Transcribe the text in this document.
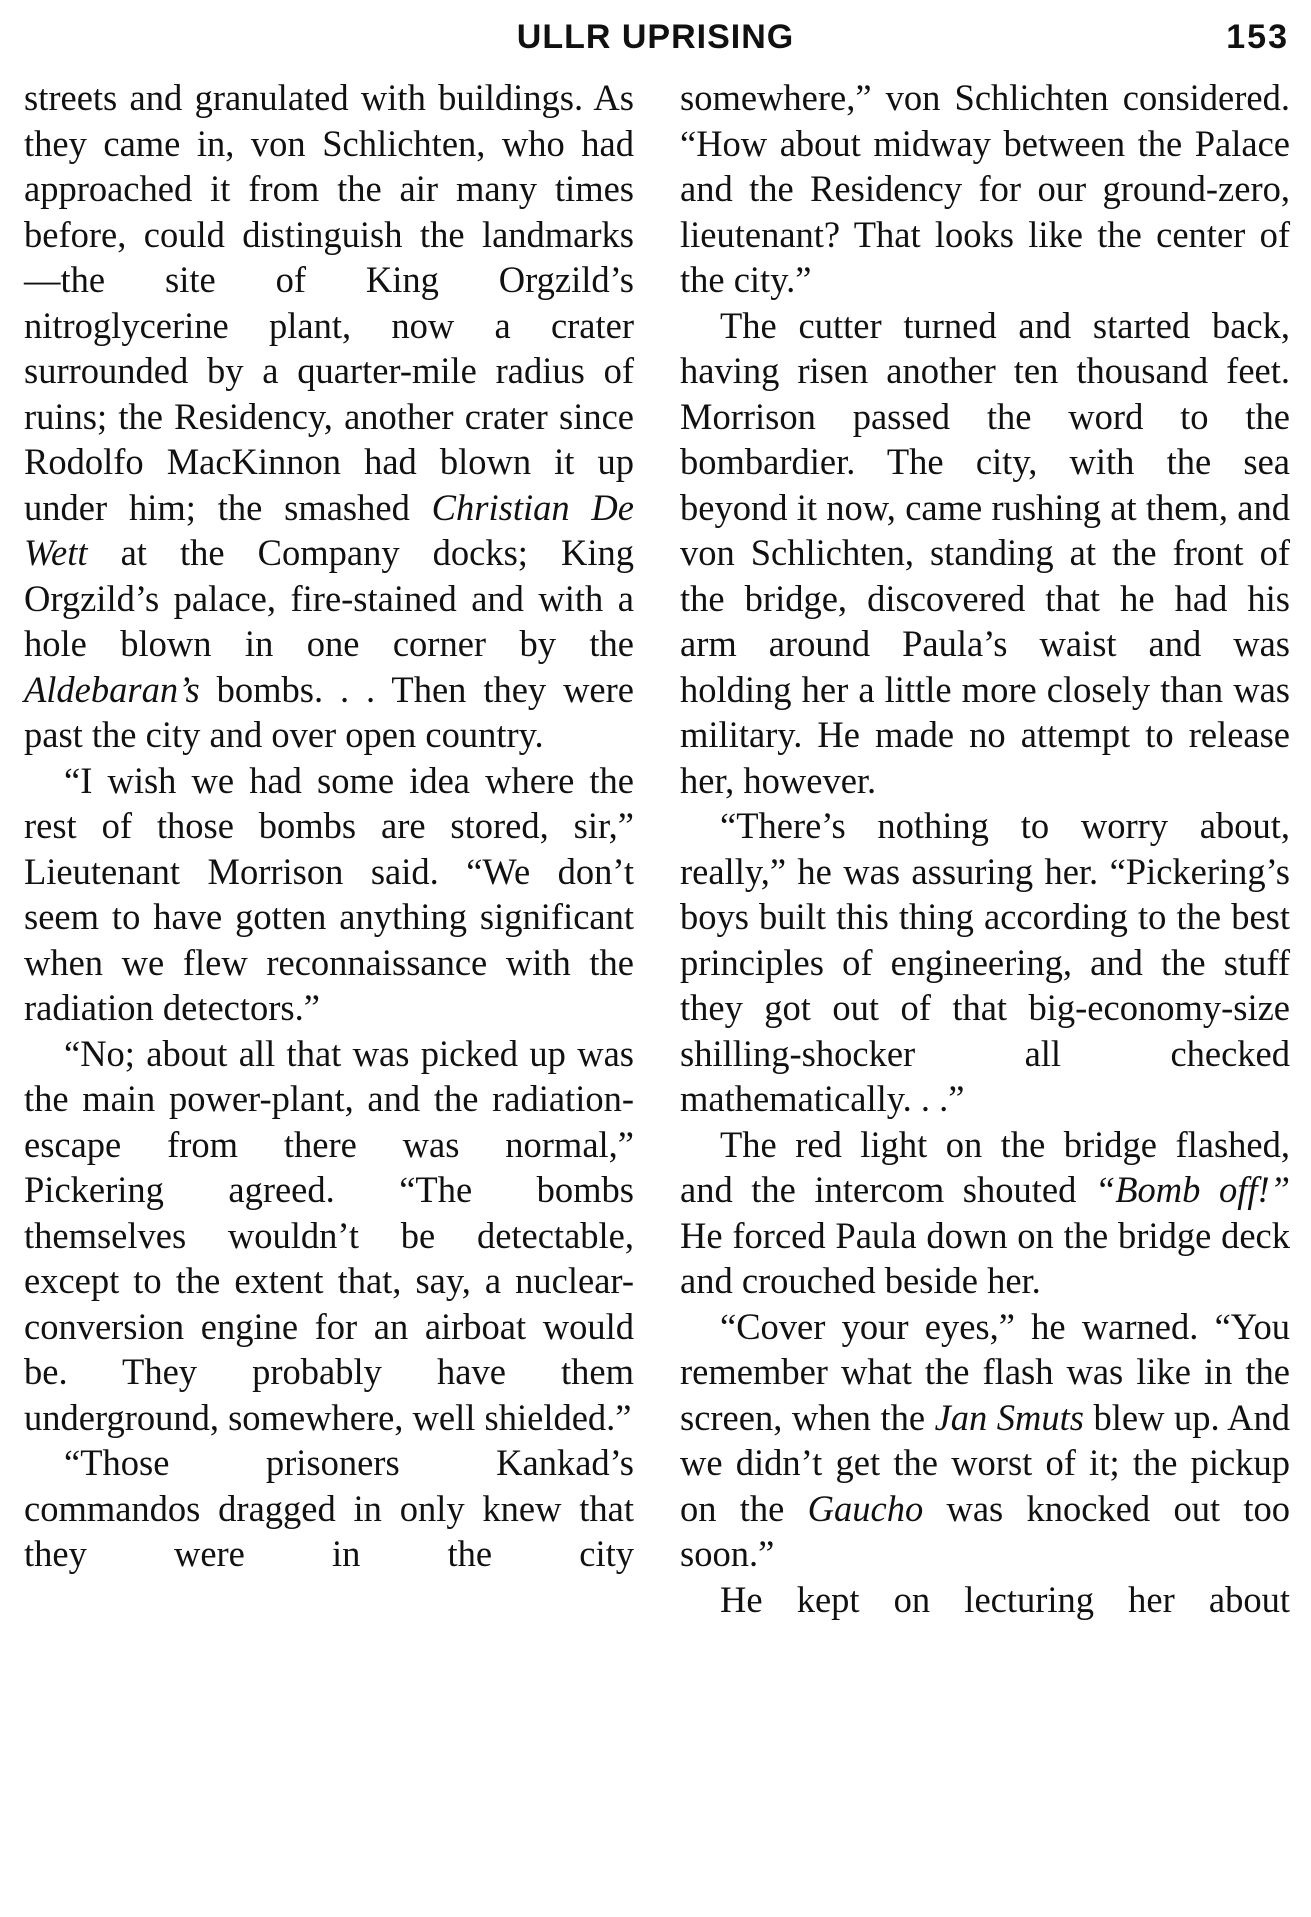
ULLR UPRISING	153

streets and granulated with buildings. As they came in, von Schlichten, who had approached it from the air many times before, could distinguish the landmarks—the site of King Orgzild’s nitroglycerine plant, now a crater surrounded by a quarter-mile radius of ruins; the Residency, another crater since Rodolfo MacKinnon had blown it up under him; the smashed Christian De Wett at the Company docks; King Orgzild’s palace, fire-stained and with a hole blown in one corner by the Aldebaran’s bombs. . . Then they were past the city and over open country.

“I wish we had some idea where the rest of those bombs are stored, sir,” Lieutenant Morrison said. “We don’t seem to have gotten anything significant when we flew reconnaissance with the radiation detectors.”

“No; about all that was picked up was the main power-plant, and the radiation-escape from there was normal,” Pickering agreed. “The bombs themselves wouldn’t be detectable, except to the extent that, say, a nuclear-conversion engine for an airboat would be. They probably have them underground, somewhere, well shielded.”

“Those prisoners Kankad’s commandos dragged in only knew that they were in the city

somewhere,” von Schlichten considered. “How about midway between the Palace and the Residency for our ground-zero, lieutenant? That looks like the center of the city.”

The cutter turned and started back, having risen another ten thousand feet. Morrison passed the word to the bombardier. The city, with the sea beyond it now, came rushing at them, and von Schlichten, standing at the front of the bridge, discovered that he had his arm around Paula’s waist and was holding her a little more closely than was military. He made no attempt to release her, however.

“There’s nothing to worry about, really,” he was assuring her. “Pickering’s boys built this thing according to the best principles of engineering, and the stuff they got out of that big-economy-size shilling-shocker all checked mathematically. . .”

The red light on the bridge flashed, and the intercom shouted “Bomb off!” He forced Paula down on the bridge deck and crouched beside her.

“Cover your eyes,” he warned. “You remember what the flash was like in the screen, when the Jan Smuts blew up. And we didn’t get the worst of it; the pickup on the Gaucho was knocked out too soon.”

He kept on lecturing her about
